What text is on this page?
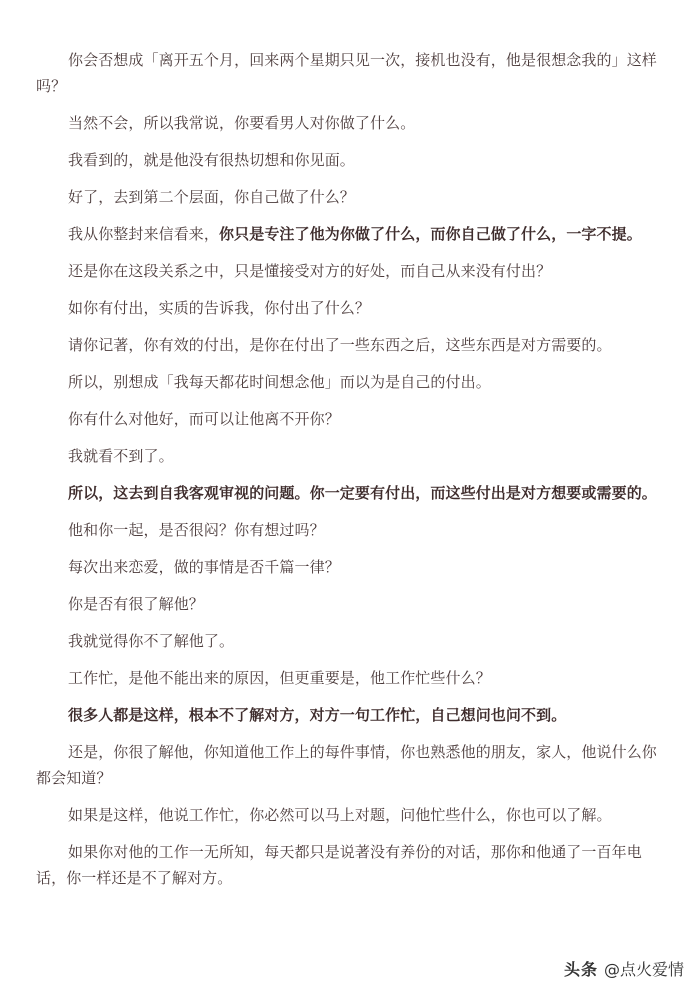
你会否想成「离开五个月，回来两个星期只见一次，接机也没有，他是很想念我的」这样吗？

当然不会，所以我常说，你要看男人对你做了什么。

我看到的，就是他没有很热切想和你见面。

好了，去到第二个层面，你自己做了什么？

我从你整封来信看来，你只是专注了他为你做了什么，而你自己做了什么，一字不提。

还是你在这段关系之中，只是懂接受对方的好处，而自己从来没有付出？

如你有付出，实质的告诉我，你付出了什么？

请你记著，你有效的付出，是你在付出了一些东西之后，这些东西是对方需要的。

所以，别想成「我每天都花时间想念他」而以为是自己的付出。

你有什么对他好，而可以让他离不开你？

我就看不到了。

所以，这去到自我客观审视的问题。你一定要有付出，而这些付出是对方想要或需要的。

他和你一起，是否很闷？你有想过吗？

每次出来恋爱，做的事情是否千篇一律？

你是否有很了解他？

我就觉得你不了解他了。

工作忙，是他不能出来的原因，但更重要是，他工作忙些什么？

很多人都是这样，根本不了解对方，对方一句工作忙，自己想问也问不到。

还是，你很了解他，你知道他工作上的每件事情，你也熟悉他的朋友，家人，他说什么你都会知道？

如果是这样，他说工作忙，你必然可以马上对题，问他忙些什么，你也可以了解。

如果你对他的工作一无所知，每天都只是说著没有养份的对话，那你和他通了一百年电话，你一样还是不了解对方。

头条 @点火爱情
